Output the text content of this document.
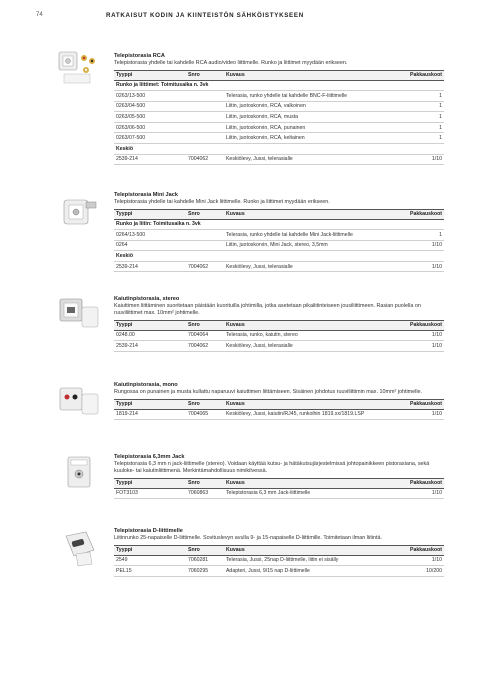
74	RATKAISUT KODIN JA KIINTEISTÖN SÄHKÖISTYKSEEN
Telepistorasia RCA
Telepistorasia yhdelle tai kahdelle RCA audio/video liittimelle. Runko ja liittimet myydään erikseen.
Tyyppi	Snro	Kuvaus	Pakkauskoot
Runko ja liittimet: Toimitusaika n. 3vk			
0263/13-500		Telerasia, runko yhdelle tai kahdelle BNC-F-liittimelle	1
0263/04-500		Liitin, juotoskorvin, RCA, valkoinen	1
0263/05-500		Liitin, juotoskorvin, RCA, musta	1
0263/06-500		Liitin, juotoskorvin, RCA, punainen	1
0263/07-500		Liitin, juotoskorvin, RCA, keltainen	1
Keskiö			
2539-214	7004062	Keskiölevy, Jussi, telerasialle	1/10
Telepistorasia Mini Jack
Telepistorasia yhdelle tai kahdelle Mini Jack liittimelle. Runko ja liittimet myydään erikseen.
Tyyppi	Snro	Kuvaus	Pakkauskoot
Runko ja liitin: Toimitusaika n. 3vk			
0264/13-500		Telerasia, runko yhdelle tai kahdelle Mini Jack-liittimelle	1
0264		Liitin, juotoskorvin, Mini Jack, stereo, 3,5mm	1/10
Keskiö			
2539-214	7004062	Keskiölevy, Jussi, telerasialle	1/10
Kaiutinpistorasia, stereo
Kaiuttimen liittäminen suoritetaan päistään kuorituilla johtimilla, jotka asetetaan pikaliitinteiseen jousiliittimeen. Rasian puolella on ruuviliittimet max. 10mm² johtimelle.
Tyyppi	Snro	Kuvaus	Pakkauskoot
0248.00	7004064	Telerasia, runko, kaiutin, stereo	1/10
2539-214	7004062	Keskiölevy, Jussi, telerasialle	1/10
Kaiutinpistorasia, mono
Rungossa on punainen ja musta kullattu naparuuvi kaiuttimen liittämiseen. Sisäinen johdotus ruuviliittimin max. 10mm² johtimelle.
Tyyppi	Snro	Kuvaus	Pakkauskoot
1819-214	7004065	Keskiölevy, Jussi, kaiutin/RJ45, runkoihin 1819.xx/1819.LSP	1/10
Telepistorasia 6,3mm Jack
Telepistorasia 6,3 mm n jack-liittimelle (stereo). Voidaan käyttää kutsu- ja hätäkutsujärjestelmissä johtopainikkeen pistorasiana, sekä kuuloke- tai kaiutinliittimenä. Merkintämahdollisuus nimikilvessä.
Tyyppi	Snro	Kuvaus	Pakkauskoot
FOT3103	7060863	Telepistorasia 6,3 mm Jack-liittimelle	1/10
Telepistorasia D-liittimelle
Liitinrunko 25-napaiselle D-liittimelle. Sovituslevyn avulla 9- ja 15-napaiselle D-liittimille. Toimitetaan ilman liitintä.
Tyyppi	Snro	Kuvaus	Pakkauskoot
2549	7060281	Telerasia, Jussi, 25nap D-liittimelle, liitin ei sisälly	1/10
PEL15	7060295	Adapteri, Jussi, 9/15 nap D-liittimelle	10/200
